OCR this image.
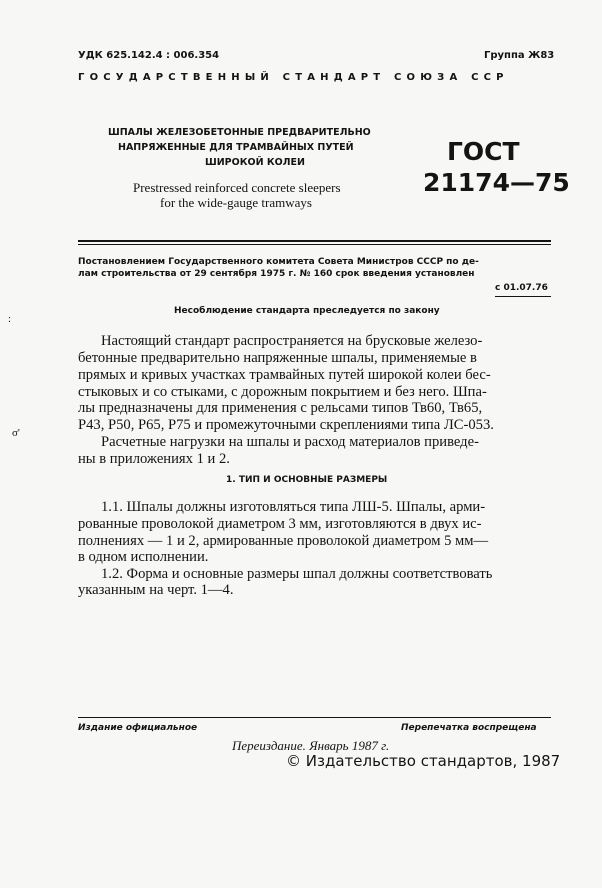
УДК 625.142.4 : 006.354	Группа Ж83
ГОСУДАРСТВЕННЫЙ СТАНДАРТ СОЮЗА ССР
ШПАЛЫ ЖЕЛЕЗОБЕТОННЫЕ ПРЕДВАРИТЕЛЬНО
НАПРЯЖЕННЫЕ ДЛЯ ТРАМВАЙНЫХ ПУТЕЙ
ШИРОКОЙ КОЛЕИ
Prestressed reinforced concrete sleepers
for the wide-gauge tramways
ГОСТ
21174—75
Постановлением Государственного комитета Совета Министров СССР по де-
лам строительства от 29 сентября 1975 г. № 160 срок введения установлен
с 01.07.76
Несоблюдение стандарта преследуется по закону
:
σ'
Настоящий стандарт распространяется на брусковые железо-
бетонные предварительно напряженные шпалы, применяемые в
прямых и кривых участках трамвайных путей широкой колеи бес-
стыковых и со стыками, с дорожным покрытием и без него. Шпа-
лы предназначены для применения с рельсами типов Тв60, Тв65,
Р43, Р50, Р65, Р75 и промежуточными скреплениями типа ЛС-053.
Расчетные нагрузки на шпалы и расход материалов приведе-
ны в приложениях 1 и 2.
1. ТИП И ОСНОВНЫЕ РАЗМЕРЫ
1.1. Шпалы должны изготовляться типа ЛШ-5. Шпалы, арми-
рованные проволокой диаметром 3 мм, изготовляются в двух ис-
полнениях — 1 и 2, армированные проволокой диаметром 5 мм—
в одном исполнении.
1.2. Форма и основные размеры шпал должны соответствовать
указанным на черт. 1—4.
Издание официальное	Перепечатка воспрещена
Переиздание. Январь 1987 г.
© Издательство стандартов, 1987
